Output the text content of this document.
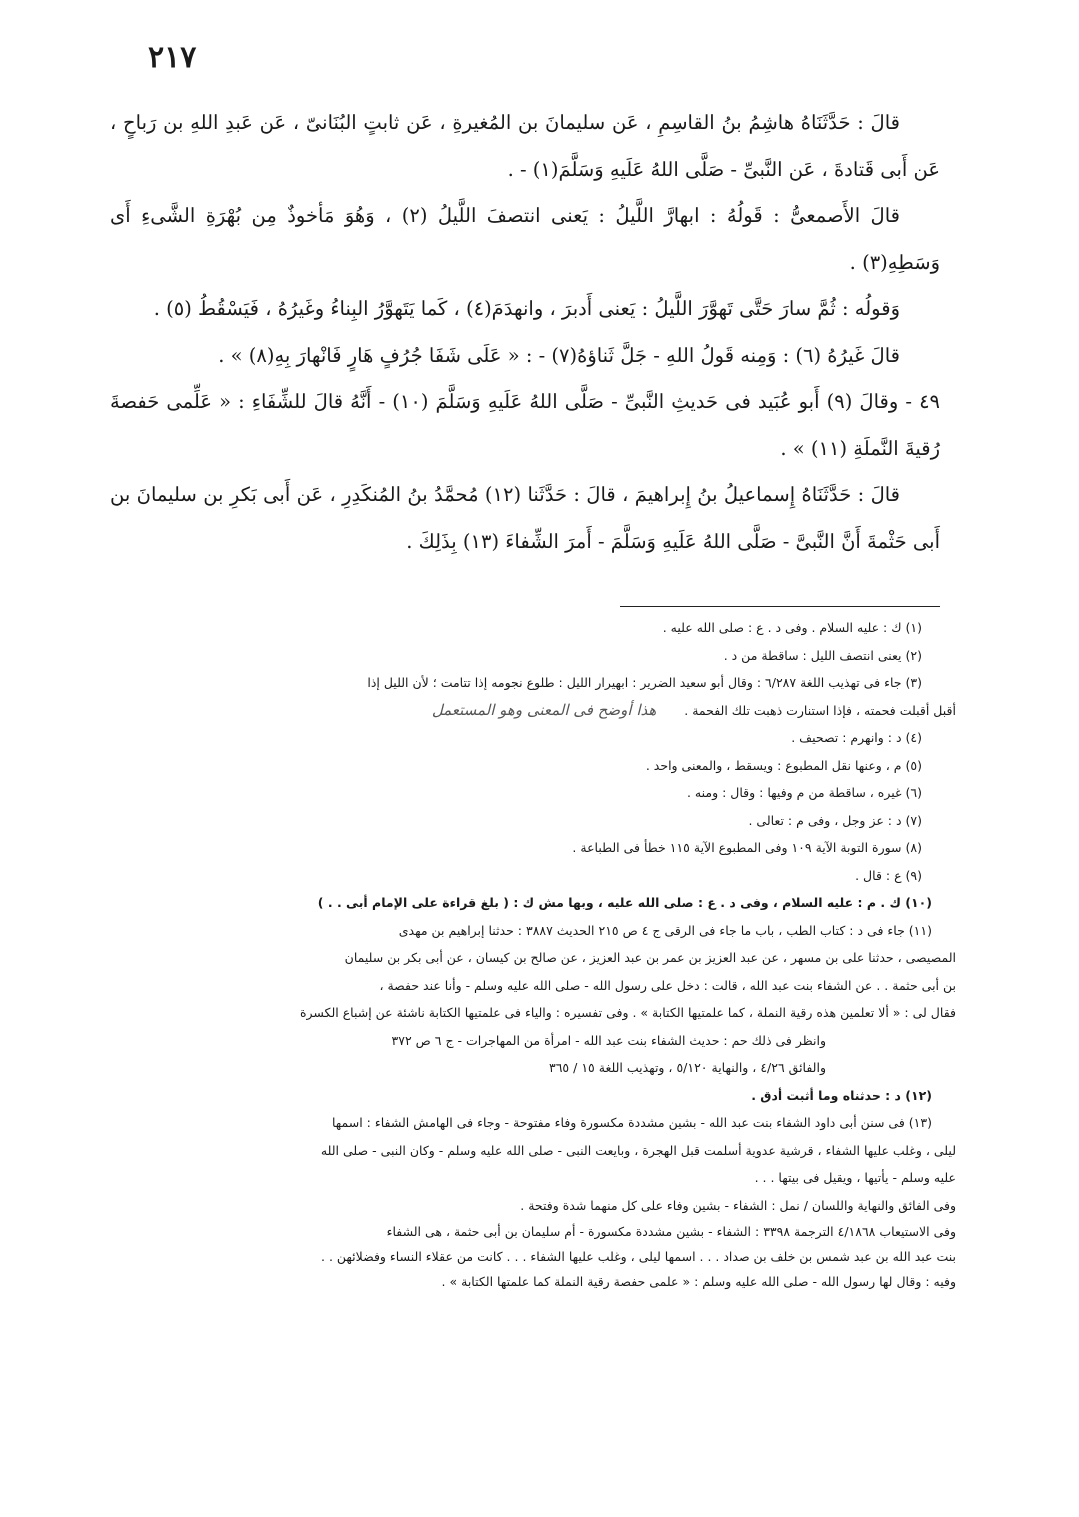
٢١٧

قالَ : حَدَّثَنَاهُ هاشِمُ بنُ القاسِمِ ، عَن سليمانَ بن المُغيرةِ ، عَن ثابتٍ البُنَانىّ ، عَن عَبدِ اللهِ بن رَباحٍ ، عَن أَبى قَتادةَ ، عَن النَّبىِّ - صَلَّى اللهُ عَلَيهِ وَسَلَّمَ(١) - .

قالَ الأَصمعىُّ : قَولُهُ : ابهارَّ اللَّيلُ : يَعنى انتصفَ اللَّيلُ (٢) ، وَهُوَ مَأخوذٌ مِن بُهْرَةِ الشَّىءِ أَى وَسَطِهِ(٣) .

وَقولُه : ثُمَّ سارَ حَتَّى تَهوَّرَ اللَّيلُ : يَعنى أَدبرَ ، وانهدَمَ(٤) ، كَما يَتَهوَّرُ البِناءُ وغَيرُهُ ، فَيَسْقُطُ (٥) .

قالَ غَيرُهُ (٦) : وَمِنه قَولُ اللهِ - جَلَّ ثَناؤهُ(٧) - : « عَلَى شَفَا جُرُفٍ هَارٍ فَانْهارَ بِهِ(٨) » .

٤٩ - وقالَ (٩) أَبو عُبَيد فى حَديثِ النَّبىِّ - صَلَّى اللهُ عَلَيهِ وَسَلَّمَ (١٠) - أَنَّهُ قالَ للشِّفَاءِ : « عَلِّمى حَفصةَ رُقيةَ النَّملَةِ (١١) » .

قالَ : حَدَّثَنَاهُ إِسماعيلُ بنُ إِبراهيمَ ، قالَ : حَدَّثَنا (١٢) مُحمَّدُ بنُ المُنكَدِرِ ، عَن أَبى بَكرِ بن سليمانَ بن أَبى حَثْمةَ أَنَّ النَّبىَّ - صَلَّى اللهُ عَلَيهِ وَسَلَّمَ - أَمرَ الشِّفاءَ (١٣) بِذَلِكَ .

(١) ك : عليه السلام . وفى د . ع : صلى الله عليه .

(٢) يعنى انتصف الليل : ساقطة من د .

(٣) جاء فى تهذيب اللغة ٦/٢٨٧ : وقال أبو سعيد الضرير : ابهيرار الليل : طلوع نجومه إذا تتامت ؛ لأن الليل إذا

أقبل أقبلت فحمته ، فإذا استنارت ذهبت تلك الفحمة .هذا أوضح فى المعنى وهو المستعمل

(٤) د : وانهرم : تصحيف .

(٥) م ، وعنها نقل المطبوع : ويسقط ، والمعنى واحد .

(٦) غيره ، ساقطة من م وفيها : وقال : ومنه .

(٧) د : عز وجل ، وفى م : تعالى .

(٨) سورة التوبة الآية ١٠٩ وفى المطبوع الآية ١١٥ خطأ فى الطباعة .

(٩) ع : قال .

(١٠) ك . م : عليه السلام ، وفى د . ع : صلى الله عليه ، وبها مش ك : ( بلغ قراءة على الإمام أبى . . )

(١١) جاء فى د : كتاب الطب ، باب ما جاء فى الرقى ج ٤ ص ٢١٥ الحديث ٣٨٨٧ : حدثنا إبراهيم بن مهدى

المصيصى ، حدثنا على بن مسهر ، عن عبد العزيز بن عمر بن عبد العزيز ، عن صالح بن كيسان ، عن أبى بكر بن سليمان

بن أبى حثمة . . عن الشفاء بنت عبد الله ، قالت : دخل على رسول الله - صلى الله عليه وسلم - وأنا عند حفصة ،

فقال لى : « ألا تعلمين هذه رقية النملة ، كما علمتيها الكتابة » . وفى تفسيره : والياء فى علمتيها الكتابة ناشئة عن إشباع الكسرة

وانظر فى ذلك حم : حديث الشفاء بنت عبد الله - امرأة من المهاجرات - ج ٦ ص ٣٧٢

والفائق ٤/٢٦ ، والنهاية ٥/١٢٠ ، وتهذيب اللغة ١٥ / ٣٦٥

(١٢) د : حدثناه وما أثبت أدق .

(١٣) فى سنن أبى داود الشفاء بنت عبد الله - بشين مشددة مكسورة وفاء مفتوحة - وجاء فى الهامش الشفاء : اسمها

ليلى ، وغلب عليها الشفاء ، قرشية عدوية أسلمت قبل الهجرة ، وبايعت النبى - صلى الله عليه وسلم - وكان النبى - صلى الله

عليه وسلم - يأتيها ، ويقيل فى بيتها . . .

وفى الفائق والنهاية واللسان / نمل : الشفاء - بشين وفاء على كل منهما شدة وفتحة .

وفى الاستيعاب ٤/١٨٦٨ الترجمة ٣٣٩٨ : الشفاء - بشين مشددة مكسورة - أم سليمان بن أبى حثمة ، هى الشفاء

بنت عبد الله بن عبد شمس بن خلف بن صداد . . . اسمها ليلى ، وغلب عليها الشفاء . . . كانت من عقلاء النساء وفضلائهن . .

وفيه : وقال لها رسول الله - صلى الله عليه وسلم : « علمى حفصة رقية النملة كما علمتها الكتابة » .
